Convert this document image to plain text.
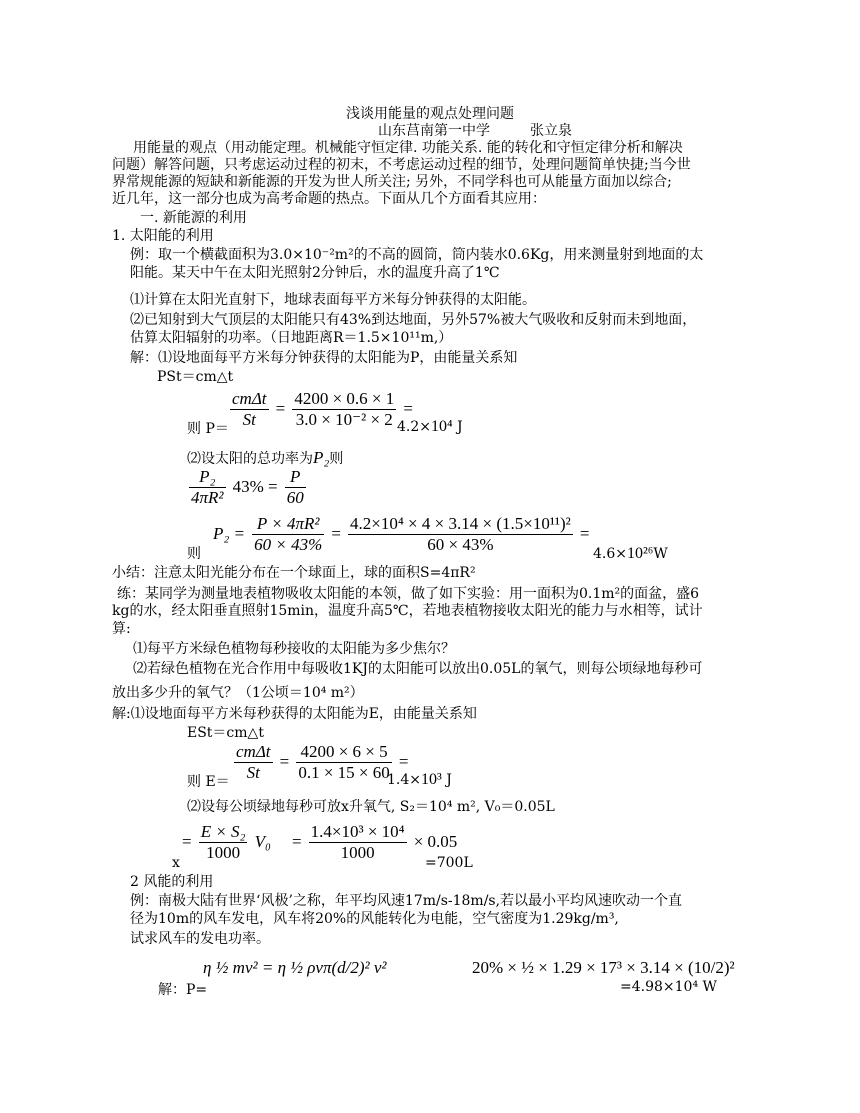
浅谈用能量的观点处理问题
山东莒南第一中学         张立泉
用能量的观点（用动能定理。机械能守恒定律. 功能关系. 能的转化和守恒定律分析和解决
问题）解答问题，只考虑运动过程的初末，不考虑运动过程的细节，处理问题简单快捷;当今世
界常规能源的短缺和新能源的开发为世人所关注; 另外，不同学科也可从能量方面加以综合;
近几年，这一部分也成为高考命题的热点。下面从几个方面看其应用：
一. 新能源的利用
1. 太阳能的利用
例：取一个横截面积为3.0×10⁻²m²的不高的圆筒，筒内装水0.6Kg，用来测量射到地面的太
阳能。某天中午在太阳光照射2分钟后，水的温度升高了1℃
⑴计算在太阳光直射下，地球表面每平方米每分钟获得的太阳能。
⑵已知射到大气顶层的太阳能只有43%到达地面，另外57%被大气吸收和反射而未到地面，
估算太阳辐射的功率。（日地距离R＝1.5×10¹¹m,）
解：⑴设地面每平方米每分钟获得的太阳能为P，由能量关系知
PSt＝cm△t
则 P＝
cmΔt
St
= $\frac{4200 \times 0.6 \times 1}{\text{3.0 × 10⁻² × 2}}$ =
4.2×10⁴ J
⑵设太阳的总功率为P₂则
$\frac{\text{P₂}}{\text{4πR²}} 43\% = \frac{P}{60}$
则
$P_2 = \frac{\text{P × 4πR²}}{60 \times 43\%} = \frac{\text{4.2×10⁴ × 4 × 3.14 × (1.5×10¹¹)²}}{60 \times 43\%}$ =
4.6×10²⁶W
小结：注意太阳光能分布在一个球面上，球的面积S=4πR²
练：某同学为测量地表植物吸收太阳能的本领，做了如下实验：用一面积为0.1m²的面盆，盛6
kg的水，经太阳垂直照射15min，温度升高5℃，若地表植物接收太阳光的能力与水相等，试计
算:
⑴每平方米绿色植物每秒接收的太阳能为多少焦尔？
⑵若绿色植物在光合作用中每吸收1KJ的太阳能可以放出0.05L的氧气，则每公顷绿地每秒可
放出多少升的氧气？（1公顷＝10⁴ m²）
解:⑴设地面每平方米每秒获得的太阳能为E，由能量关系知
ESt＝cm△t
则 E＝
cmΔt
St
= $\frac{4200 \times 6 \times 5}{0.1 \times 15 \times 60}$ =
1.4×10³ J
⑵设每公顷绿地每秒可放x升氧气, S₂＝10⁴ m², V₀＝0.05L
x
= $\frac{\text{E × S₂}}{1000} V_0 = \frac{\text{1.4×10³ × 10⁴}}{1000} \times 0.05$
=700L
2 风能的利用
例：南极大陆有世界‘风极’之称，年平均风速17m/s-18m/s,若以最小平均风速吹动一个直
径为10m的风车发电，风车将20%的风能转化为电能，空气密度为1.29kg/m³,
试求风车的发电功率。
解：P=
η ½ mv² = η ½ ρvπ(d/2)² v²	20% × ½ × 1.29 × 17³ × 3.14 × (10/2)²
=4.98×10⁴ W
